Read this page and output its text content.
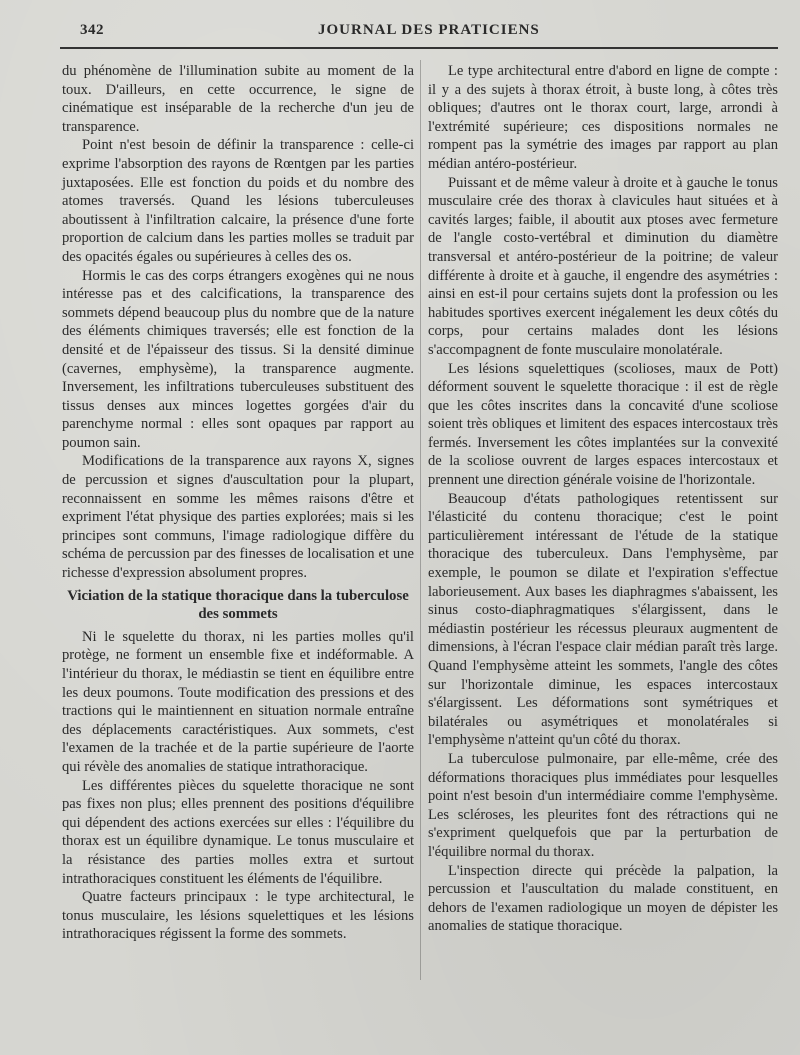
342	JOURNAL DES PRATICIENS

du phénomène de l'illumination subite au moment de la toux. D'ailleurs, en cette occurrence, le signe de cinématique est inséparable de la recherche d'un jeu de transparence.

Point n'est besoin de définir la transparence : celle-ci exprime l'absorption des rayons de Rœntgen par les parties juxtaposées. Elle est fonction du poids et du nombre des atomes traversés. Quand les lésions tuberculeuses aboutissent à l'infiltration calcaire, la présence d'une forte proportion de calcium dans les parties molles se traduit par des opacités égales ou supérieures à celles des os.

Hormis le cas des corps étrangers exogènes qui ne nous intéresse pas et des calcifications, la transparence des sommets dépend beaucoup plus du nombre que de la nature des éléments chimiques traversés; elle est fonction de la densité et de l'épaisseur des tissus. Si la densité diminue (cavernes, emphysème), la transparence augmente. Inversement, les infiltrations tuberculeuses substituent des tissus denses aux minces logettes gorgées d'air du parenchyme normal : elles sont opaques par rapport au poumon sain.

Modifications de la transparence aux rayons X, signes de percussion et signes d'auscultation pour la plupart, reconnaissent en somme les mêmes raisons d'être et expriment l'état physique des parties explorées; mais si les principes sont communs, l'image radiologique diffère du schéma de percussion par des finesses de localisation et une richesse d'expression absolument propres.

Viciation de la statique thoracique dans la tuberculose des sommets

Ni le squelette du thorax, ni les parties molles qu'il protège, ne forment un ensemble fixe et indéformable. A l'intérieur du thorax, le médiastin se tient en équilibre entre les deux poumons. Toute modification des pressions et des tractions qui le maintiennent en situation normale entraîne des déplacements caractéristiques. Aux sommets, c'est l'examen de la trachée et de la partie supérieure de l'aorte qui révèle des anomalies de statique intrathoracique.

Les différentes pièces du squelette thoracique ne sont pas fixes non plus; elles prennent des positions d'équilibre qui dépendent des actions exercées sur elles : l'équilibre du thorax est un équilibre dynamique. Le tonus musculaire et la résistance des parties molles extra et surtout intrathoraciques constituent les éléments de l'équilibre.

Quatre facteurs principaux : le type architectural, le tonus musculaire, les lésions squelettiques et les lésions intrathoraciques régissent la forme des sommets.

Le type architectural entre d'abord en ligne de compte : il y a des sujets à thorax étroit, à buste long, à côtes très obliques; d'autres ont le thorax court, large, arrondi à l'extrémité supérieure; ces dispositions normales ne rompent pas la symétrie des images par rapport au plan médian antéro-postérieur.

Puissant et de même valeur à droite et à gauche le tonus musculaire crée des thorax à clavicules haut situées et à cavités larges; faible, il aboutit aux ptoses avec fermeture de l'angle costo-vertébral et diminution du diamètre transversal et antéro-postérieur de la poitrine; de valeur différente à droite et à gauche, il engendre des asymétries : ainsi en est-il pour certains sujets dont la profession ou les habitudes sportives exercent inégalement les deux côtés du corps, pour certains malades dont les lésions s'accompagnent de fonte musculaire monolatérale.

Les lésions squelettiques (scolioses, maux de Pott) déforment souvent le squelette thoracique : il est de règle que les côtes inscrites dans la concavité d'une scoliose soient très obliques et limitent des espaces intercostaux très fermés. Inversement les côtes implantées sur la convexité de la scoliose ouvrent de larges espaces intercostaux et prennent une direction générale voisine de l'horizontale.

Beaucoup d'états pathologiques retentissent sur l'élasticité du contenu thoracique; c'est le point particulièrement intéressant de l'étude de la statique thoracique des tuberculeux. Dans l'emphysème, par exemple, le poumon se dilate et l'expiration s'effectue laborieusement. Aux bases les diaphragmes s'abaissent, les sinus costo-diaphragmatiques s'élargissent, dans le médiastin postérieur les récessus pleuraux augmentent de dimensions, à l'écran l'espace clair médian paraît très large. Quand l'emphysème atteint les sommets, l'angle des côtes sur l'horizontale diminue, les espaces intercostaux s'élargissent. Les déformations sont symétriques et bilatérales ou asymétriques et monolatérales si l'emphysème n'atteint qu'un côté du thorax.

La tuberculose pulmonaire, par elle-même, crée des déformations thoraciques plus immédiates pour lesquelles point n'est besoin d'un intermédiaire comme l'emphysème. Les scléroses, les pleurites font des rétractions qui ne s'expriment quelquefois que par la perturbation de l'équilibre normal du thorax.

L'inspection directe qui précède la palpation, la percussion et l'auscultation du malade constituent, en dehors de l'examen radiologique un moyen de dépister les anomalies de statique thoracique.
